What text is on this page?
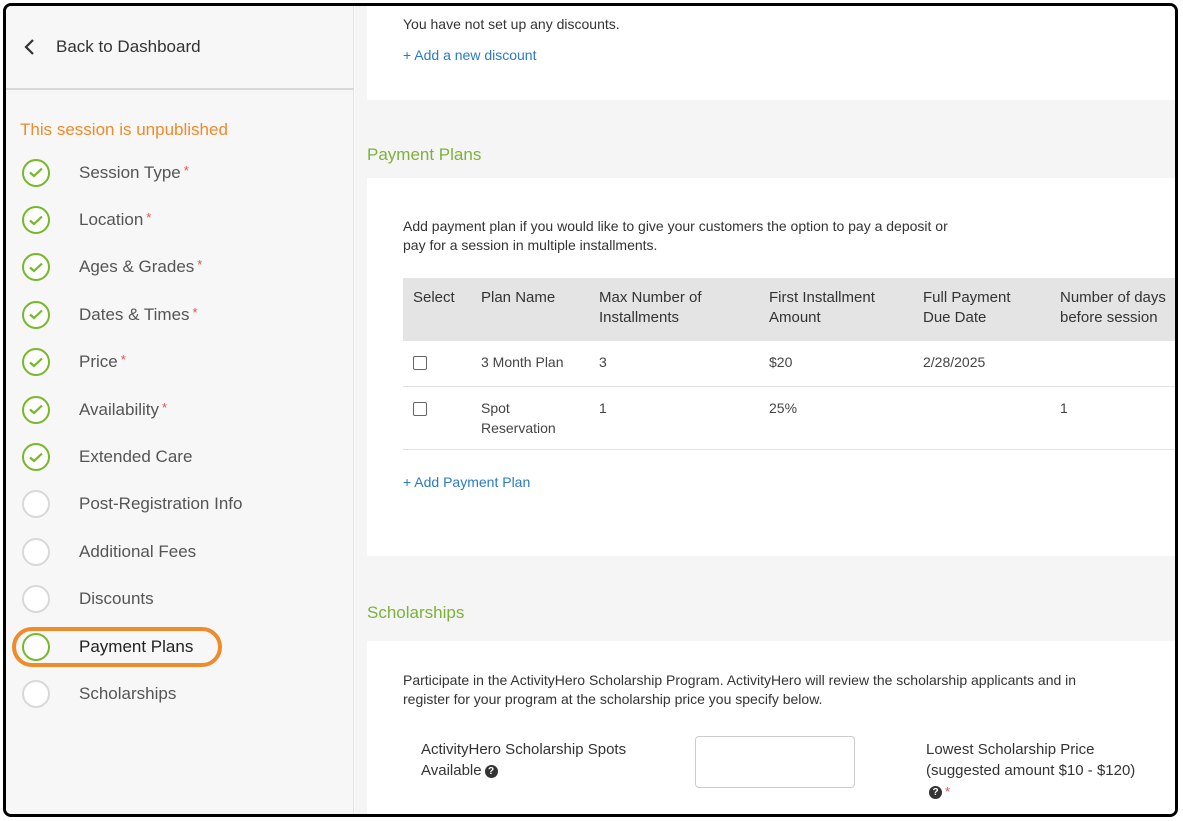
Back to Dashboard
This session is unpublished
Session Type *
Location *
Ages & Grades *
Dates & Times *
Price *
Availability *
Extended Care
Post-Registration Info
Additional Fees
Discounts
Payment Plans
Scholarships
You have not set up any discounts.
+ Add a new discount
Payment Plans
Add payment plan if you would like to give your customers the option to pay a deposit or
pay for a session in multiple installments.
Select	Plan Name	Max Number of Installments	First Installment Amount	Full Payment Due Date	Number of days before session
	3 Month Plan	3	$20	2/28/2025	
	Spot Reservation	1	25%		1
+ Add Payment Plan
Scholarships
Participate in the ActivityHero Scholarship Program. ActivityHero will review the scholarship applicants and in
register for your program at the scholarship price you specify below.
ActivityHero Scholarship Spots Available ?
Lowest Scholarship Price (suggested amount $10 - $120)? *
